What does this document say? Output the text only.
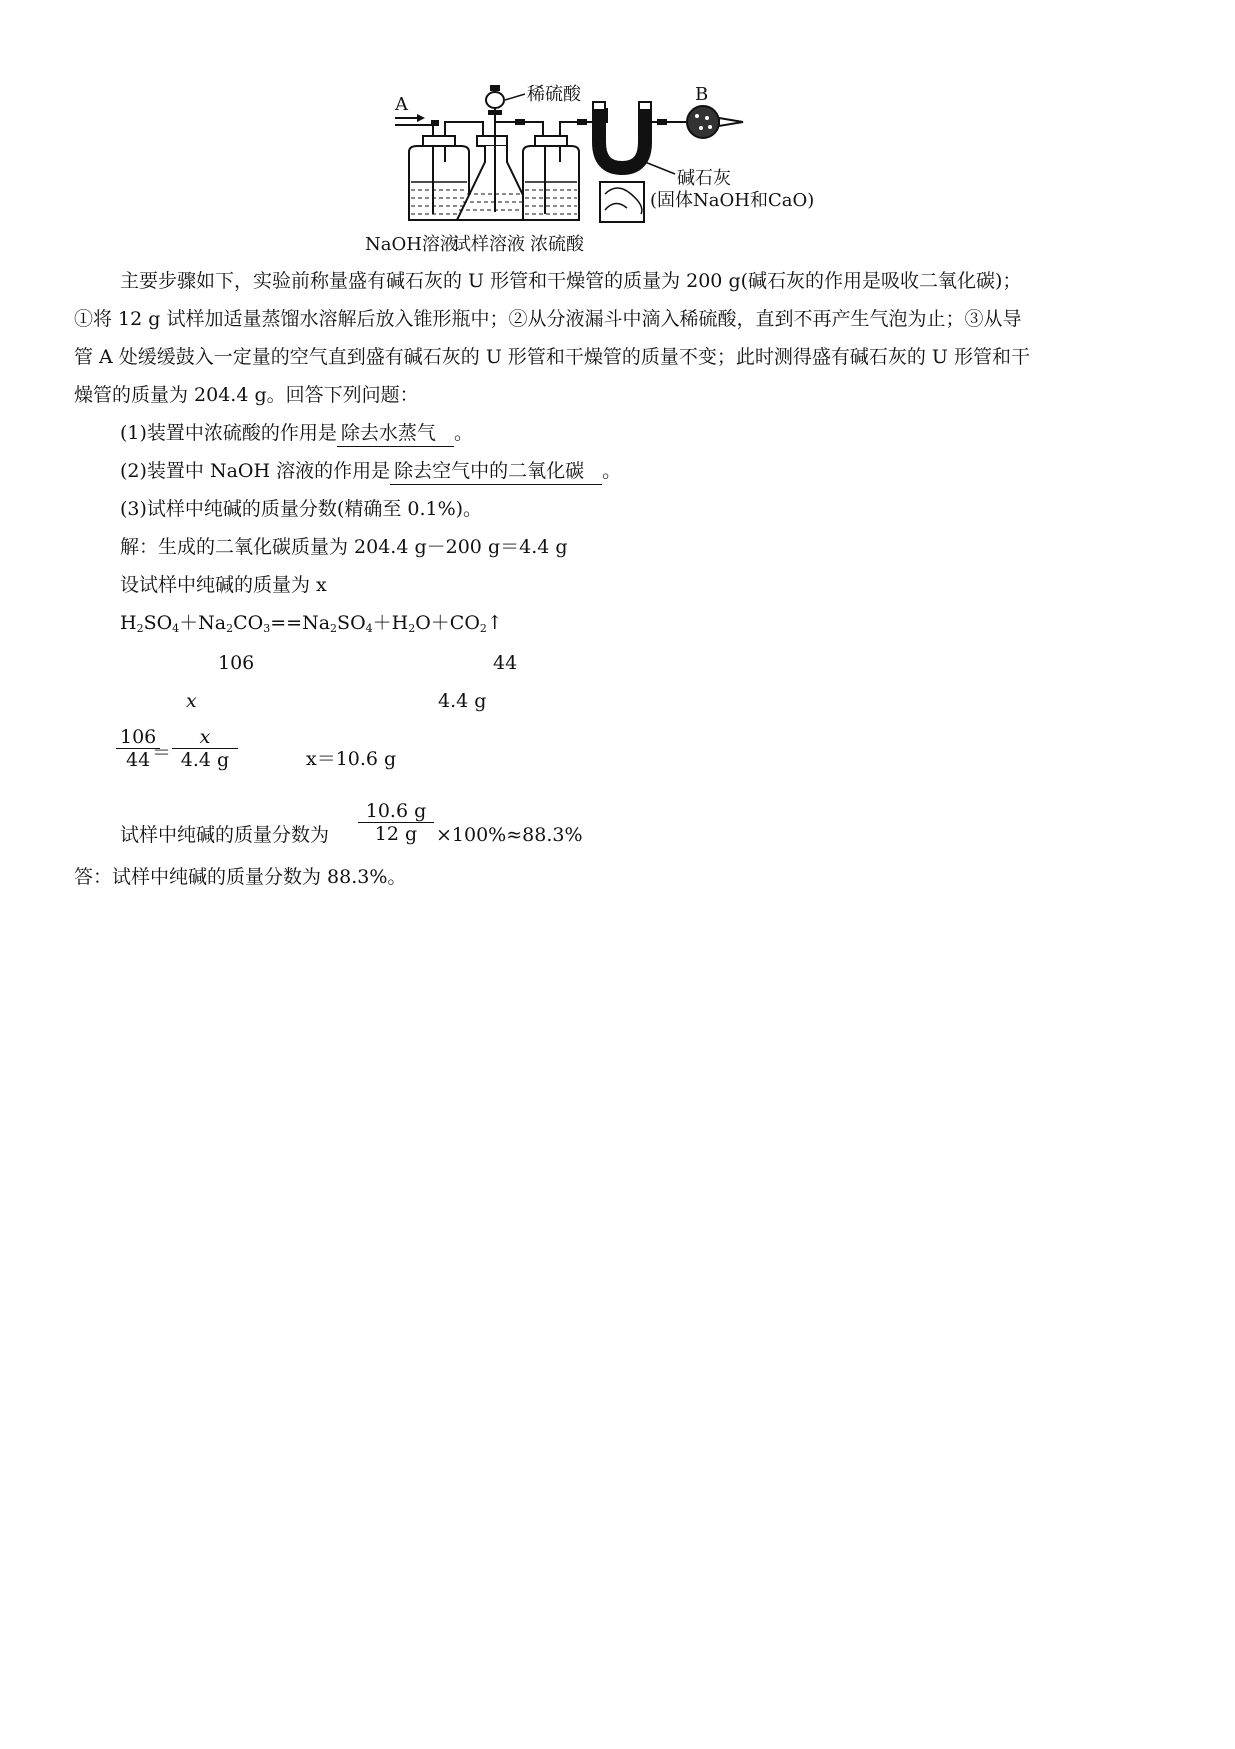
A	稀硫酸
碱石灰
(固体NaOH和CaO)
B
NaOH溶液
试样溶液 浓硫酸
主要步骤如下，实验前称量盛有碱石灰的 U 形管和干燥管的质量为 200 g(碱石灰的作用是吸收二氧化碳)；
①将 12 g 试样加适量蒸馏水溶解后放入锥形瓶中；②从分液漏斗中滴入稀硫酸，直到不再产生气泡为止；③从导
管 A 处缓缓鼓入一定量的空气直到盛有碱石灰的 U 形管和干燥管的质量不变；此时测得盛有碱石灰的 U 形管和干
燥管的质量为 204.4 g。回答下列问题：
(1)装置中浓硫酸的作用是 除去水蒸气 。
(2)装置中 NaOH 溶液的作用是 除去空气中的二氧化碳 。
(3)试样中纯碱的质量分数(精确至 0.1%)。
解：生成的二氧化碳质量为 204.4 g－200 g＝4.4 g
设试样中纯碱的质量为 x
$H_2SO_4+Na_2CO_3==Na_2SO_4+H_2O+CO_2↑$
106	44
x	4.4 g
106
44 ＝
x
4.4 g	x＝10.6 g
试样中纯碱的质量分数为
10.6 g
12 g ×100%≈88.3%
答：试样中纯碱的质量分数为 88.3%。
